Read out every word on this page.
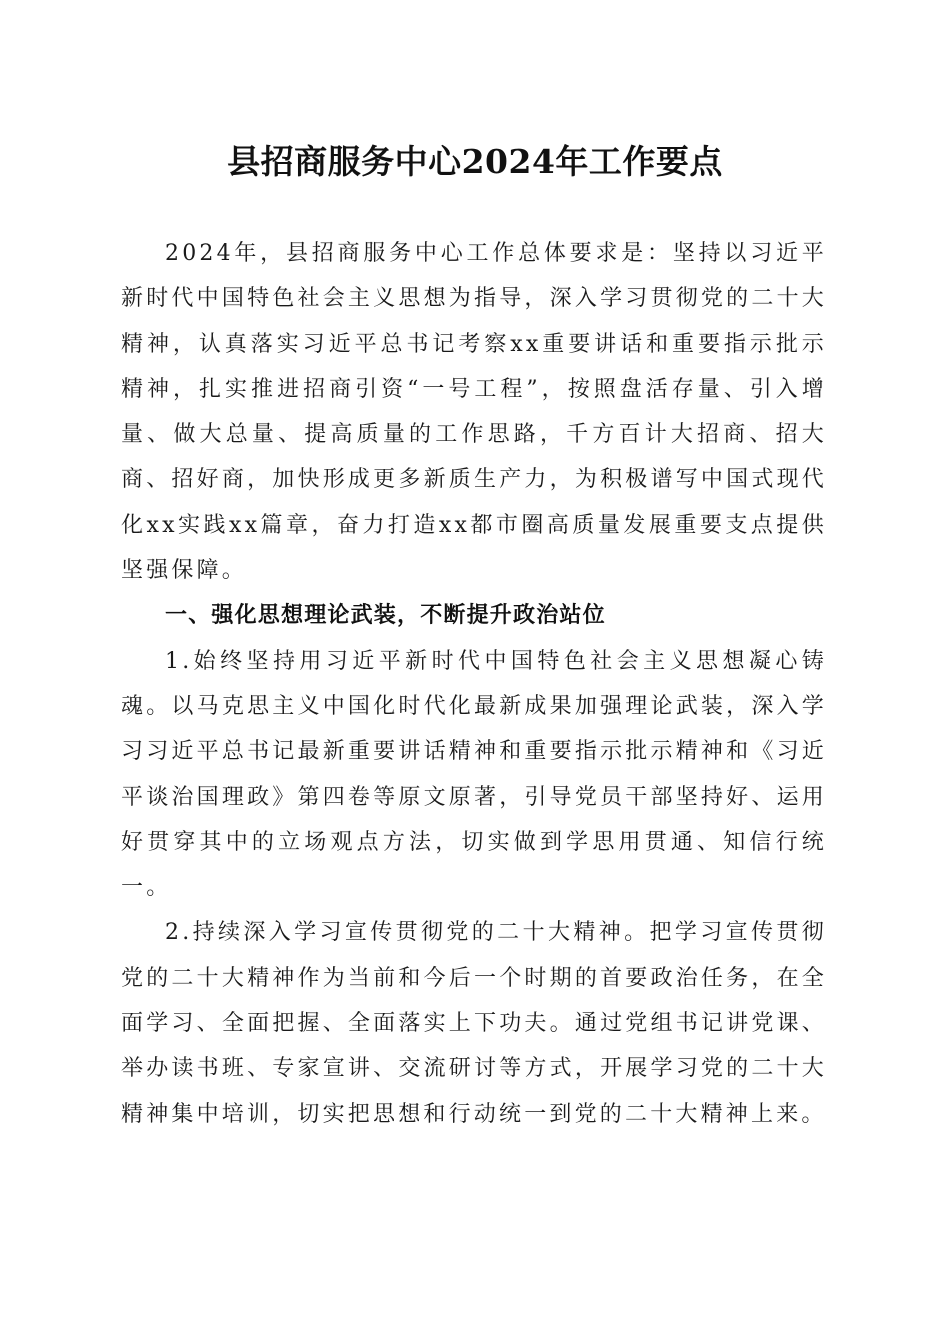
县招商服务中心2024年工作要点

2024年，县招商服务中心工作总体要求是：坚持以习近平新时代中国特色社会主义思想为指导，深入学习贯彻党的二十大精神，认真落实习近平总书记考察xx重要讲话和重要指示批示精神，扎实推进招商引资“一号工程”，按照盘活存量、引入增量、做大总量、提高质量的工作思路，千方百计大招商、招大商、招好商，加快形成更多新质生产力，为积极谱写中国式现代化xx实践xx篇章，奋力打造xx都市圈高质量发展重要支点提供坚强保障。

一、强化思想理论武装，不断提升政治站位

1.始终坚持用习近平新时代中国特色社会主义思想凝心铸魂。以马克思主义中国化时代化最新成果加强理论武装，深入学习习近平总书记最新重要讲话精神和重要指示批示精神和《习近平谈治国理政》第四卷等原文原著，引导党员干部坚持好、运用好贯穿其中的立场观点方法，切实做到学思用贯通、知信行统一。

2.持续深入学习宣传贯彻党的二十大精神。把学习宣传贯彻党的二十大精神作为当前和今后一个时期的首要政治任务，在全面学习、全面把握、全面落实上下功夫。通过党组书记讲党课、举办读书班、专家宣讲、交流研讨等方式，开展学习党的二十大精神集中培训，切实把思想和行动统一到党的二十大精神上来。
